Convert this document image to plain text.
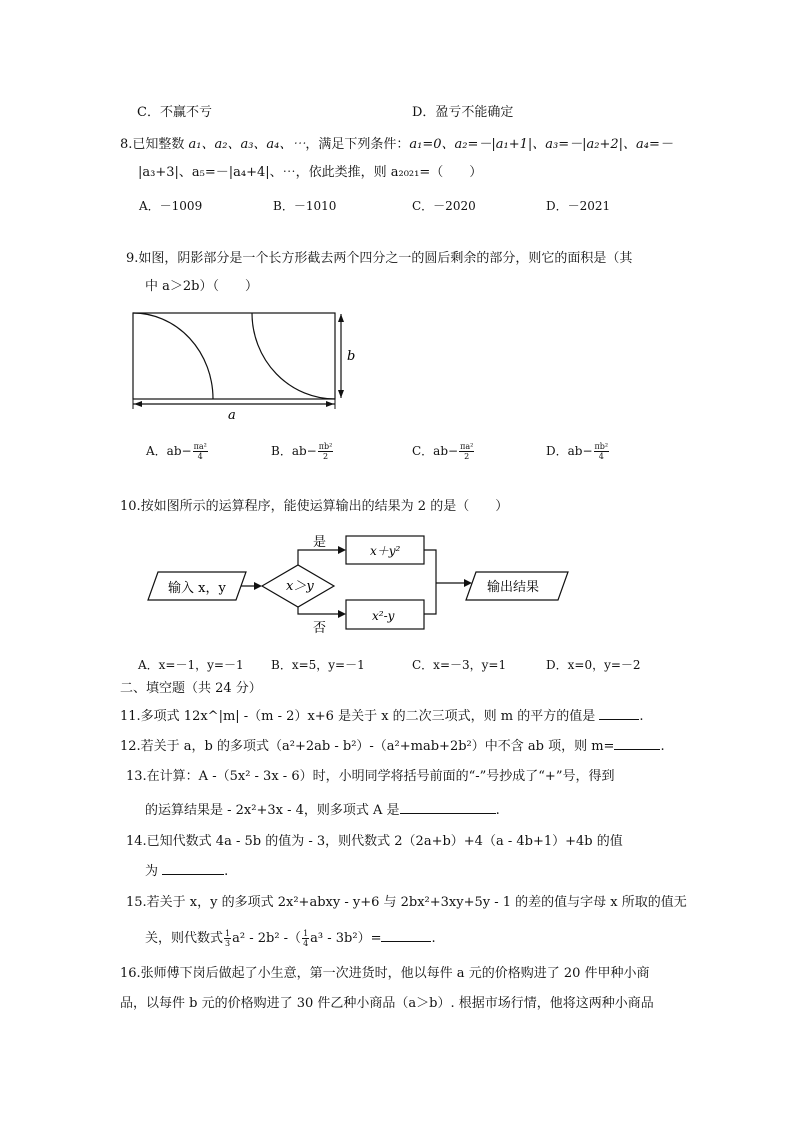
C．不赢不亏	D．盈亏不能确定
8.已知整数 a₁、a₂、a₃、a₄、⋯，满足下列条件：a₁=0、a₂=－|a₁+1|、a₃=－|a₂+2|、a₄=－
|a₃+3|、a₅=－|a₄+4|、⋯，依此类推，则 a₂₀₂₁=（　　）
A．－1009	B．－1010	C．－2020	D．－2021
9.如图，阴影部分是一个长方形截去两个四分之一的圆后剩余的部分，则它的面积是（其
中 a＞2b）（　　）
b
a
A．$ab- \frac{\text{πa²}}{4}$	B．$ab- \frac{\text{πb²}}{2}$	C．$ab- \frac{\text{πa²}}{2}$	D．$ab- \frac{\text{πb²}}{4}$
10.按如图所示的运算程序，能使运算输出的结果为 2 的是（　　）
输入 x，y	x＞y
是
否
x＋y²
x²-y
输出结果
A．x=－1，y=－1 B．x=5，y=－1	C．x=－3，y=1	D．x=0，y=－2
二、填空题（共 24 分）
11.多项式 12x^|m| -（m - 2）x+6 是关于 x 的二次三项式，则 m 的平方的值是	.
12.若关于 a，b 的多项式（a²+2ab - b²）-（a²+mab+2b²）中不含 ab 项，则 m=	.
13.在计算：A -（5x² - 3x - 6）时，小明同学将括号前面的“-”号抄成了“+”号，得到
的运算结果是 - 2x²+3x - 4，则多项式 A 是	.
14.已知代数式 4a - 5b 的值为 - 3，则代数式 2（2a+b）+4（a - 4b+1）+4b 的值
为	.
15.若关于 x，y 的多项式 2x²+abxy - y+6 与 2bx²+3xy+5y - 1 的差的值与字母 x 所取的值无
关，则代数式 $\frac{1}{3} a^2 - 2b^2$ -（ $\frac{1}{4} a^3 - 3b^2)=$	.
16.张师傅下岗后做起了小生意，第一次进货时，他以每件 a 元的价格购进了 20 件甲种小商
品，以每件 b 元的价格购进了 30 件乙种小商品（a＞b）. 根据市场行情，他将这两种小商品
